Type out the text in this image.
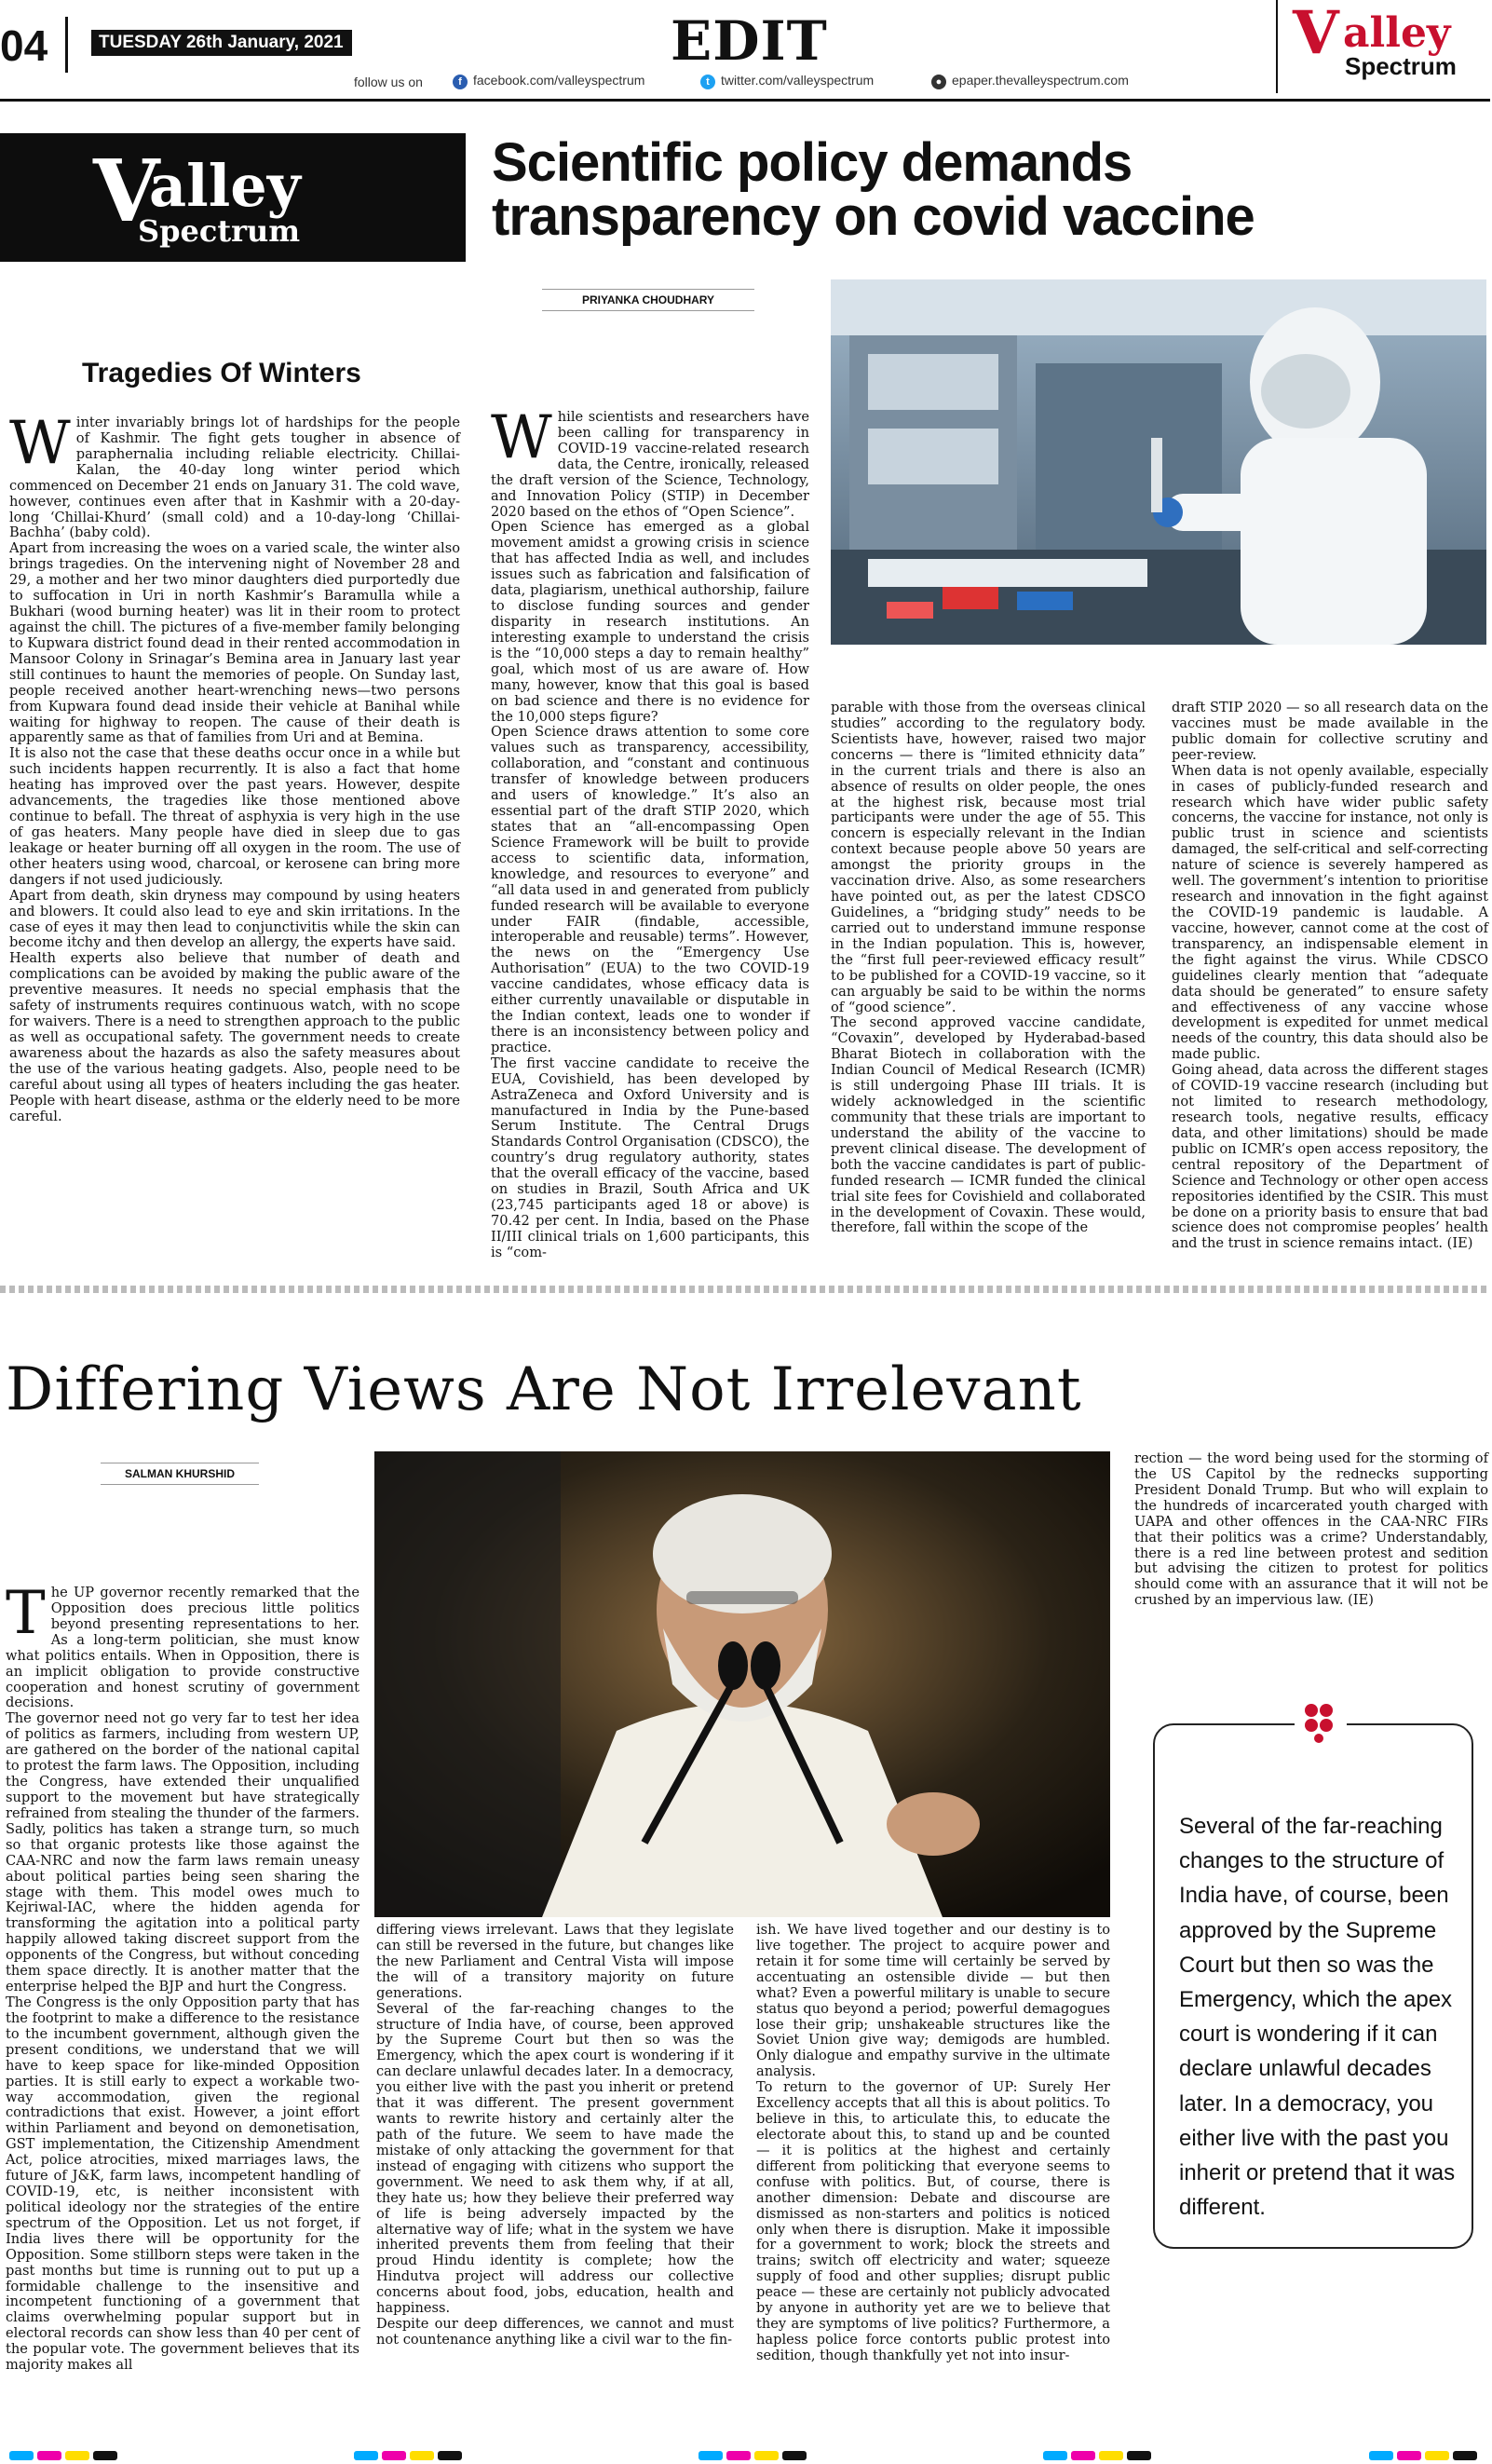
04	TUESDAY 26th January, 2021	EDIT
follow us on	f facebook.com/valleyspectrum	t twitter.com/valleyspectrum	● epaper.thevalleyspectrum.com
V alley
Spectrum
V
alley
Spectrum
Scientific policy demands
transparency on covid vaccine
PRIYANKA CHOUDHARY
Tragedies Of Winters
W inter invariably brings lot of hardships for the people of Kashmir. The fight gets tougher in absence of paraphernalia including reliable electricity. Chillai-Kalan, the 40-day long winter period which commenced on December 21 ends on January 31. The cold wave, however, continues even after that in Kashmir with a 20-day-long ‘Chillai-Khurd’ (small cold) and a 10-day-long ‘Chillai-Bachha’ (baby cold).

Apart from increasing the woes on a varied scale, the winter also brings tragedies. On the intervening night of November 28 and 29, a mother and her two minor daughters died purportedly due to suffocation in Uri in north Kashmir’s Baramulla while a Bukhari (wood burning heater) was lit in their room to protect against the chill. The pictures of a five-member family belonging to Kupwara district found dead in their rented accommodation in Mansoor Colony in Srinagar’s Bemina area in January last year still continues to haunt the memories of people. On Sunday last, people received another heart-wrenching news—two persons from Kupwara found dead inside their vehicle at Banihal while waiting for highway to reopen. The cause of their death is apparently same as that of families from Uri and at Bemina.

It is also not the case that these deaths occur once in a while but such incidents happen recurrently. It is also a fact that home heating has improved over the past years. However, despite advancements, the tragedies like those mentioned above continue to befall. The threat of asphyxia is very high in the use of gas heaters. Many people have died in sleep due to gas leakage or heater burning off all oxygen in the room. The use of other heaters using wood, charcoal, or kerosene can bring more dangers if not used judiciously.

Apart from death, skin dryness may compound by using heaters and blowers. It could also lead to eye and skin irritations. In the case of eyes it may then lead to conjunctivitis while the skin can become itchy and then develop an allergy, the experts have said.

Health experts also believe that number of death and complications can be avoided by making the public aware of the preventive measures. It needs no special emphasis that the safety of instruments requires continuous watch, with no scope for waivers. There is a need to strengthen approach to the public as well as occupational safety. The government needs to create awareness about the hazards as also the safety measures about the use of the various heating gadgets. Also, people need to be careful about using all types of heaters including the gas heater. People with heart disease, asthma or the elderly need to be more careful.

W hile scientists and researchers have been calling for transparency in COVID-19 vaccine-related research data, the Centre, ironically, released the draft version of the Science, Technology, and Innovation Policy (STIP) in December 2020 based on the ethos of “Open Science”.

Open Science has emerged as a global movement amidst a growing crisis in science that has affected India as well, and includes issues such as fabrication and falsification of data, plagiarism, unethical authorship, failure to disclose funding sources and gender disparity in research institutions. An interesting example to understand the crisis is the “10,000 steps a day to remain healthy” goal, which most of us are aware of. How many, however, know that this goal is based on bad science and there is no evidence for the 10,000 steps figure?

Open Science draws attention to some core values such as transparency, accessibility, collaboration, and “constant and continuous transfer of knowledge between producers and users of knowledge.” It’s also an essential part of the draft STIP 2020, which states that an “all-encompassing Open Science Framework will be built to provide access to scientific data, information, knowledge, and resources to everyone” and “all data used in and generated from publicly funded research will be available to everyone under FAIR (findable, accessible, interoperable and reusable) terms”. However, the news on the “Emergency Use Authorisation” (EUA) to the two COVID-19 vaccine candidates, whose efficacy data is either currently unavailable or disputable in the Indian context, leads one to wonder if there is an inconsistency between policy and practice.

The first vaccine candidate to receive the EUA, Covishield, has been developed by AstraZeneca and Oxford University and is manufactured in India by the Pune-based Serum Institute. The Central Drugs Standards Control Organisation (CDSCO), the country’s drug regulatory authority, states that the overall efficacy of the vaccine, based on studies in Brazil, South Africa and UK (23,745 participants aged 18 or above) is 70.42 per cent. In India, based on the Phase II/III clinical trials on 1,600 participants, this is “com-

parable with those from the overseas clinical studies” according to the regulatory body. Scientists have, however, raised two major concerns — there is “limited ethnicity data” in the current trials and there is also an absence of results on older people, the ones at the highest risk, because most trial participants were under the age of 55. This concern is especially relevant in the Indian context because people above 50 years are amongst the priority groups in the vaccination drive. Also, as some researchers have pointed out, as per the latest CDSCO Guidelines, a “bridging study” needs to be carried out to understand immune response in the Indian population. This is, however, the “first full peer-reviewed efficacy result” to be published for a COVID-19 vaccine, so it can arguably be said to be within the norms of “good science”.

The second approved vaccine candidate, “Covaxin”, developed by Hyderabad-based Bharat Biotech in collaboration with the Indian Council of Medical Research (ICMR) is still undergoing Phase III trials. It is widely acknowledged in the scientific community that these trials are important to understand the ability of the vaccine to prevent clinical disease. The development of both the vaccine candidates is part of public-funded research — ICMR funded the clinical trial site fees for Covishield and collaborated in the development of Covaxin. These would, therefore, fall within the scope of the

draft STIP 2020 — so all research data on the vaccines must be made available in the public domain for collective scrutiny and peer-review.

When data is not openly available, especially in cases of publicly-funded research and research which have wider public safety concerns, the vaccine for instance, not only is public trust in science and scientists damaged, the self-critical and self-correcting nature of science is severely hampered as well. The government’s intention to prioritise research and innovation in the fight against the COVID-19 pandemic is laudable. A vaccine, however, cannot come at the cost of transparency, an indispensable element in the fight against the virus. While CDSCO guidelines clearly mention that “adequate data should be generated” to ensure safety and effectiveness of any vaccine whose development is expedited for unmet medical needs of the country, this data should also be made public.

Going ahead, data across the different stages of COVID-19 vaccine research (including but not limited to research methodology, research tools, negative results, efficacy data, and other limitations) should be made public on ICMR’s open access repository, the central repository of the Department of Science and Technology or other open access repositories identified by the CSIR. This must be done on a priority basis to ensure that bad science does not compromise peoples’ health and the trust in science remains intact. (IE)

Differing Views Are Not Irrelevant
SALMAN KHURSHID
T he UP governor recently remarked that the Opposition does precious little politics beyond presenting representations to her. As a long-term politician, she must know what politics entails. When in Opposition, there is an implicit obligation to provide constructive cooperation and honest scrutiny of government decisions.

The governor need not go very far to test her idea of politics as farmers, including from western UP, are gathered on the border of the national capital to protest the farm laws. The Opposition, including the Congress, have extended their unqualified support to the movement but have strategically refrained from stealing the thunder of the farmers. Sadly, politics has taken a strange turn, so much so that organic protests like those against the CAA-NRC and now the farm laws remain uneasy about political parties being seen sharing the stage with them. This model owes much to Kejriwal-IAC, where the hidden agenda for transforming the agitation into a political party happily allowed taking discreet support from the opponents of the Congress, but without conceding them space directly. It is another matter that the enterprise helped the BJP and hurt the Congress.

The Congress is the only Opposition party that has the footprint to make a difference to the resistance to the incumbent government, although given the present conditions, we understand that we will have to keep space for like-minded Opposition parties. It is still early to expect a workable two-way accommodation, given the regional contradictions that exist. However, a joint effort within Parliament and beyond on demonetisation, GST implementation, the Citizenship Amendment Act, police atrocities, mixed marriages laws, the future of J&K, farm laws, incompetent handling of COVID-19, etc, is neither inconsistent with political ideology nor the strategies of the entire spectrum of the Opposition. Let us not forget, if India lives there will be opportunity for the Opposition. Some stillborn steps were taken in the past months but time is running out to put up a formidable challenge to the insensitive and incompetent functioning of a government that claims overwhelming popular support but in electoral records can show less than 40 per cent of the popular vote. The government believes that its majority makes all

differing views irrelevant. Laws that they legislate can still be reversed in the future, but changes like the new Parliament and Central Vista will impose the will of a transitory majority on future generations.

Several of the far-reaching changes to the structure of India have, of course, been approved by the Supreme Court but then so was the Emergency, which the apex court is wondering if it can declare unlawful decades later. In a democracy, you either live with the past you inherit or pretend that it was different. The present government wants to rewrite history and certainly alter the path of the future. We seem to have made the mistake of only attacking the government for that instead of engaging with citizens who support the government. We need to ask them why, if at all, they hate us; how they believe their preferred way of life is being adversely impacted by the alternative way of life; what in the system we have inherited prevents them from feeling that their proud Hindu identity is complete; how the Hindutva project will address our collective concerns about food, jobs, education, health and happiness.

Despite our deep differences, we cannot and must not countenance anything like a civil war to the fin-

ish. We have lived together and our destiny is to live together. The project to acquire power and retain it for some time will certainly be served by accentuating an ostensible divide — but then what? Even a powerful military is unable to secure status quo beyond a period; powerful demagogues lose their grip; unshakeable structures like the Soviet Union give way; demigods are humbled. Only dialogue and empathy survive in the ultimate analysis.

To return to the governor of UP: Surely Her Excellency accepts that all this is about politics. To believe in this, to articulate this, to educate the electorate about this, to stand up and be counted — it is politics at the highest and certainly different from politicking that everyone seems to confuse with politics. But, of course, there is another dimension: Debate and discourse are dismissed as non-starters and politics is noticed only when there is disruption. Make it impossible for a government to work; block the streets and trains; switch off electricity and water; squeeze supply of food and other supplies; disrupt public peace — these are certainly not publicly advocated by anyone in authority yet are we to believe that they are symptoms of live politics? Furthermore, a hapless police force contorts public protest into sedition, though thankfully yet not into insur-

rection — the word being used for the storming of the US Capitol by the rednecks supporting President Donald Trump. But who will explain to the hundreds of incarcerated youth charged with UAPA and other offences in the CAA-NRC FIRs that their politics was a crime? Understandably, there is a red line between protest and sedition but advising the citizen to protest for politics should come with an assurance that it will not be crushed by an impervious law. (IE)

Several of the far-reaching changes to the structure of India have, of course, been approved by the Supreme Court but then so was the Emergency, which the apex court is wondering if it can declare unlawful decades later. In a democracy, you either live with the past you inherit or pretend that it was different.
